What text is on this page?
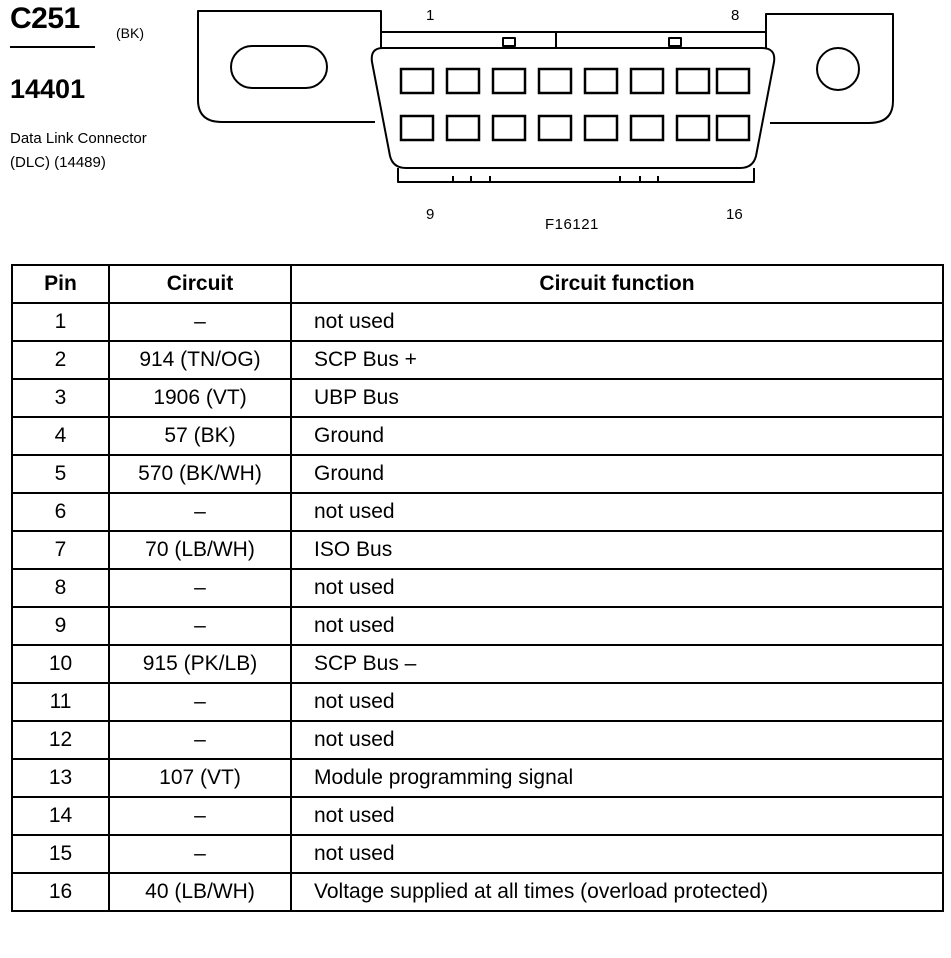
C251	(BK)
14401
Data Link Connector
(DLC) (14489)
1	8
9	16
F16121
Pin	Circuit	Circuit function
1	–	not used
2	914 (TN/OG)	SCP Bus +
3	1906 (VT)	UBP Bus
4	57 (BK)	Ground
5	570 (BK/WH)	Ground
6	–	not used
7	70 (LB/WH)	ISO Bus
8	–	not used
9	–	not used
10	915 (PK/LB)	SCP Bus –
11	–	not used
12	–	not used
13	107 (VT)	Module programming signal
14	–	not used
15	–	not used
16	40 (LB/WH)	Voltage supplied at all times (overload protected)
